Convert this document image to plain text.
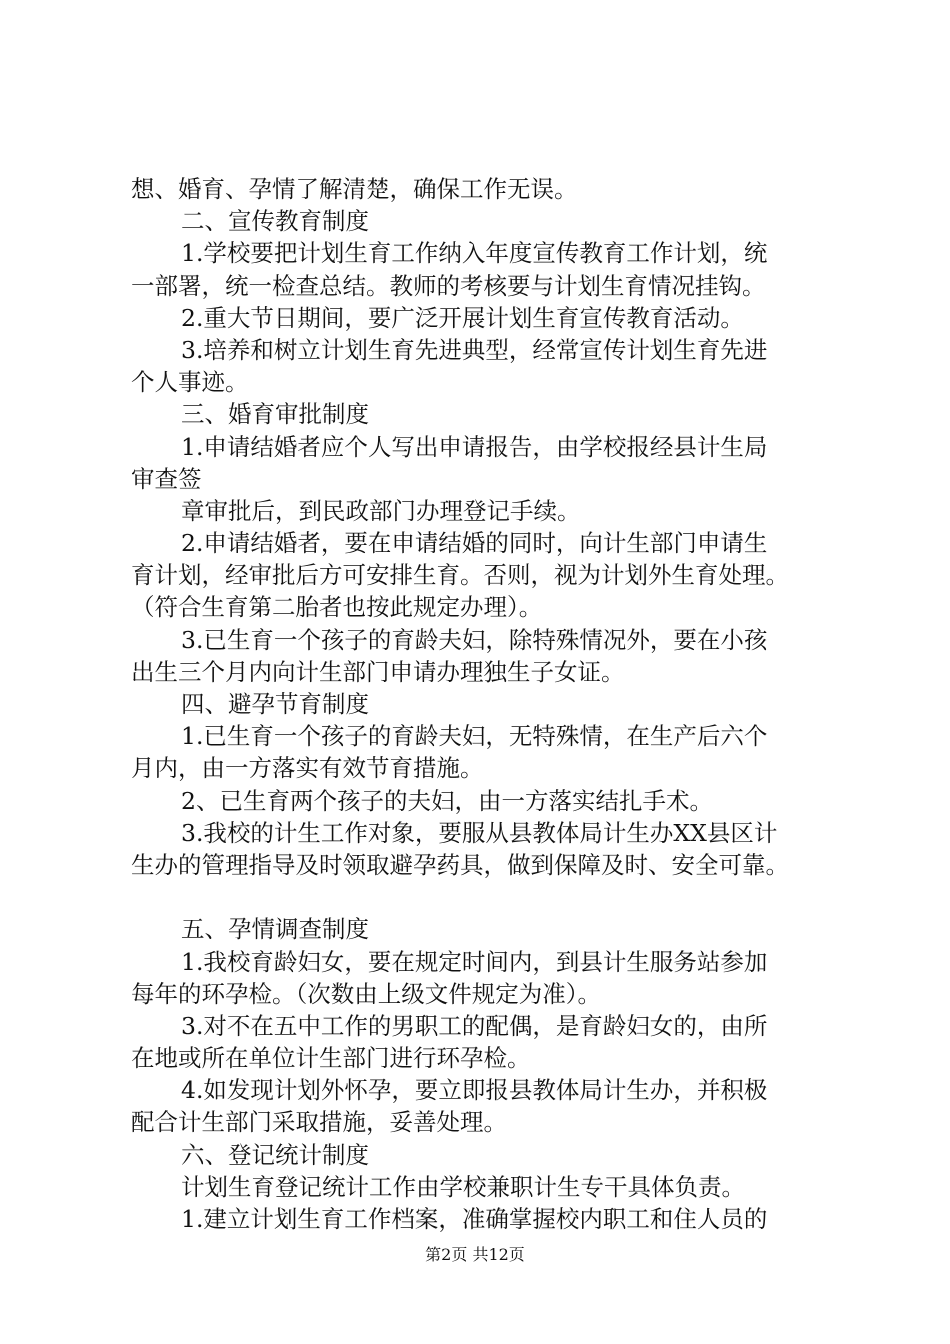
想、婚育、孕情了解清楚，确保工作无误。
二、宣传教育制度
1.学校要把计划生育工作纳入年度宣传教育工作计划，统
一部署，统一检查总结。教师的考核要与计划生育情况挂钩。
2.重大节日期间，要广泛开展计划生育宣传教育活动。
3.培养和树立计划生育先进典型，经常宣传计划生育先进
个人事迹。
三、婚育审批制度
1.申请结婚者应个人写出申请报告，由学校报经县计生局
审查签
章审批后，到民政部门办理登记手续。
2.申请结婚者，要在申请结婚的同时，向计生部门申请生
育计划，经审批后方可安排生育。否则，视为计划外生育处理。
（符合生育第二胎者也按此规定办理）。
3.已生育一个孩子的育龄夫妇，除特殊情况外，要在小孩
出生三个月内向计生部门申请办理独生子女证。
四、避孕节育制度
1.已生育一个孩子的育龄夫妇，无特殊情，在生产后六个
月内，由一方落实有效节育措施。
2、已生育两个孩子的夫妇，由一方落实结扎手术。
3.我校的计生工作对象，要服从县教体局计生办XX县区计
生办的管理指导及时领取避孕药具，做到保障及时、安全可靠。
五、孕情调查制度
1.我校育龄妇女，要在规定时间内，到县计生服务站参加
每年的环孕检。（次数由上级文件规定为准）。
3.对不在五中工作的男职工的配偶，是育龄妇女的，由所
在地或所在单位计生部门进行环孕检。
4.如发现计划外怀孕，要立即报县教体局计生办，并积极
配合计生部门采取措施，妥善处理。
六、登记统计制度
计划生育登记统计工作由学校兼职计生专干具体负责。
1.建立计划生育工作档案，准确掌握校内职工和住人员的
第2页 共12页
